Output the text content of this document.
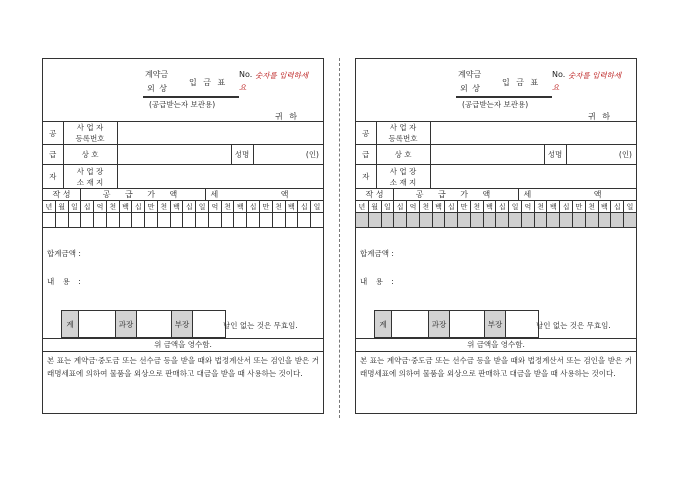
계약금
외 상
입 금 표
(공급받는자 보관용)
No. 숫자를 입력하세
요
귀 하
공	사 업 자
등록번호			
급	상 호		성명	(인)
자	사 업 장
소 재 지			
작 성	공 급 가 액	세 액
년 월 일 십 억 천 백 십 만 천 백 십 일 억 천 백 십 만 천 백 십 일
합계금액 :
내 용 :
계	과장	부장	날인 없는 것은 무효임.
위 금액을 영수함.
본 표는 계약금·중도금 또는 선수금 등을 받을 때와 법정계산서 또는 검인을 받은 거래명세표에 의하여 물품을 외상으로 판매하고 대금을 받을 때 사용하는 것이다.
계약금
외 상
입 금 표
(공급받는자 보관용)
No. 숫자를 입력하세
요
귀 하
공	사 업 자
등록번호			
급	상 호		성명	(인)
자	사 업 장
소 재 지			
작 성	공 급 가 액	세 액
년 월 일 십 억 천 백 십 만 천 백 십 일 억 천 백 십 만 천 백 십 일
합계금액 :
내 용 :
계	과장	부장	날인 없는 것은 무효임.
위 금액을 영수함.
본 표는 계약금·중도금 또는 선수금 등을 받을 때와 법정계산서 또는 검인을 받은 거래명세표에 의하여 물품을 외상으로 판매하고 대금을 받을 때 사용하는 것이다.
